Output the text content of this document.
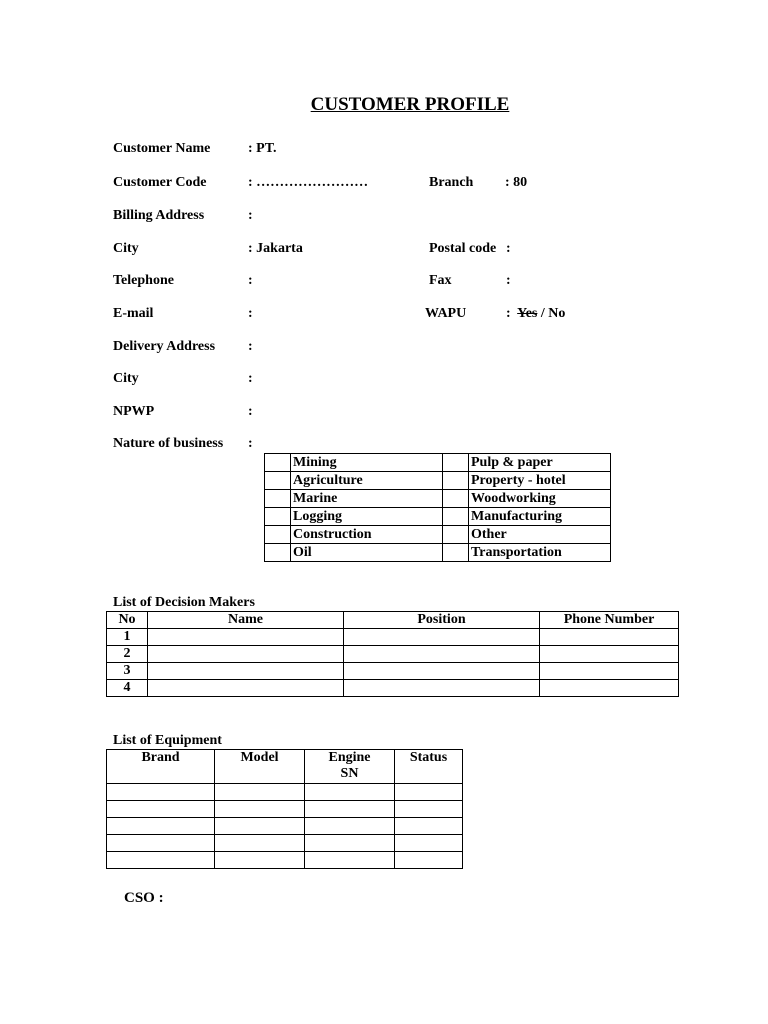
CUSTOMER PROFILE
Customer Name	: PT.
Customer Code	: ……………………	Branch : 80
Billing Address	:
City	: Jakarta	Postal code :
Telephone	:	Fax	:
E-mail	:	WAPU	: Yes / No
Delivery Address :
City	:
NPWP	:
Nature of business :
	Mining		Pulp & paper
	Agriculture		Property - hotel
	Marine		Woodworking
	Logging		Manufacturing
	Construction		Other
	Oil		Transportation
List of Decision Makers
No	Name	Position	Phone Number
1			
2			
3			
4			
List of Equipment
Brand	Model	Engine SN	Status

CSO :
